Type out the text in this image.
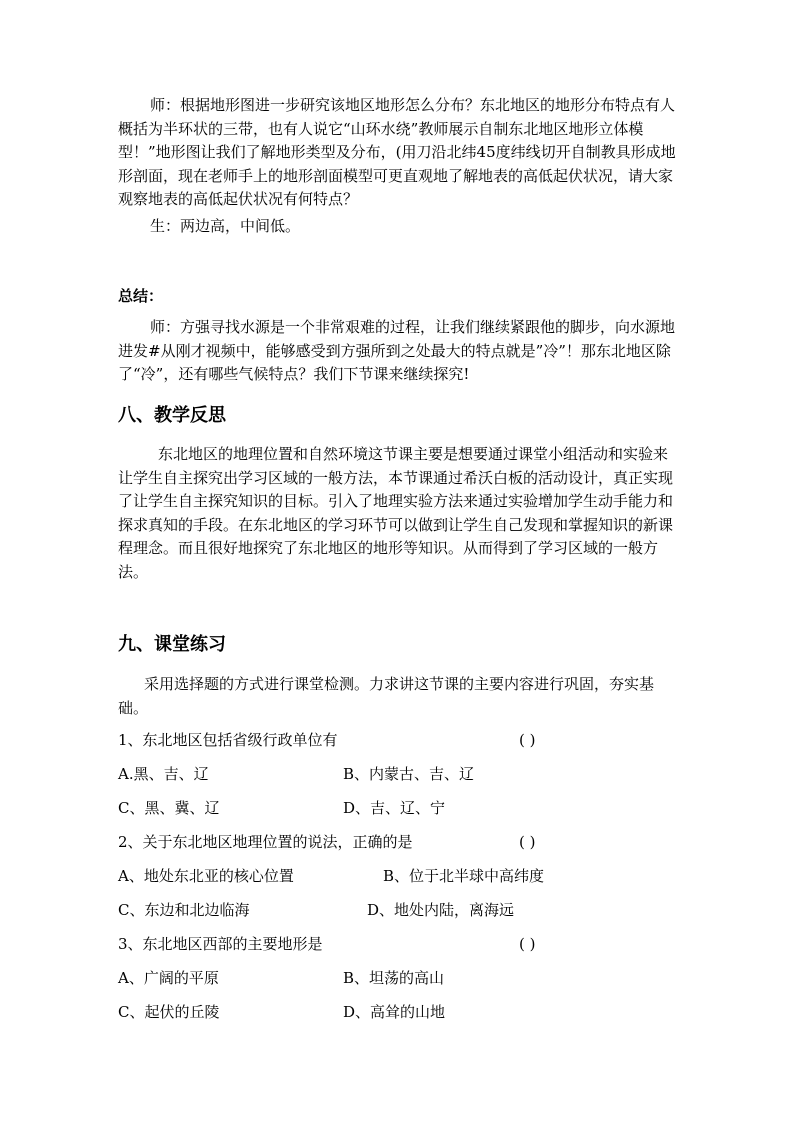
师：根据地形图进一步研究该地区地形怎么分布？东北地区的地形分布特点有人概括为半环状的三带，也有人说它“山环水绕”教师展示自制东北地区地形立体模型！”地形图让我们了解地形类型及分布，(用刀沿北纬45度纬线切开自制教具形成地形剖面，现在老师手上的地形剖面模型可更直观地了解地表的高低起伏状况，请大家观察地表的高低起伏状况有何特点？

生：两边高，中间低。

总结：

师：方强寻找水源是一个非常艰难的过程，让我们继续紧跟他的脚步，向水源地进发#从刚才视频中，能够感受到方强所到之处最大的特点就是”冷”！那东北地区除了“冷”，还有哪些气候特点？我们下节课来继续探究!

八、教学反思

东北地区的地理位置和自然环境这节课主要是想要通过课堂小组活动和实验来让学生自主探究出学习区域的一般方法，本节课通过希沃白板的活动设计，真正实现了让学生自主探究知识的目标。引入了地理实验方法来通过实验增加学生动手能力和探求真知的手段。在东北地区的学习环节可以做到让学生自己发现和掌握知识的新课程理念。而且很好地探究了东北地区的地形等知识。从而得到了学习区域的一般方法。

九、课堂练习

采用选择题的方式进行课堂检测。力求讲这节课的主要内容进行巩固，夯实基础。

1、东北地区包括省级行政单位有	( )
A.黑、吉、辽	B、内蒙古、吉、辽
C、黑、冀、辽	D、吉、辽、宁
2、关于东北地区地理位置的说法，正确的是	( )
A、地处东北亚的核心位置	B、位于北半球中高纬度
C、东边和北边临海	D、地处内陆，离海远
3、东北地区西部的主要地形是	( )
A、广阔的平原	B、坦荡的高山
C、起伏的丘陵	D、高耸的山地
